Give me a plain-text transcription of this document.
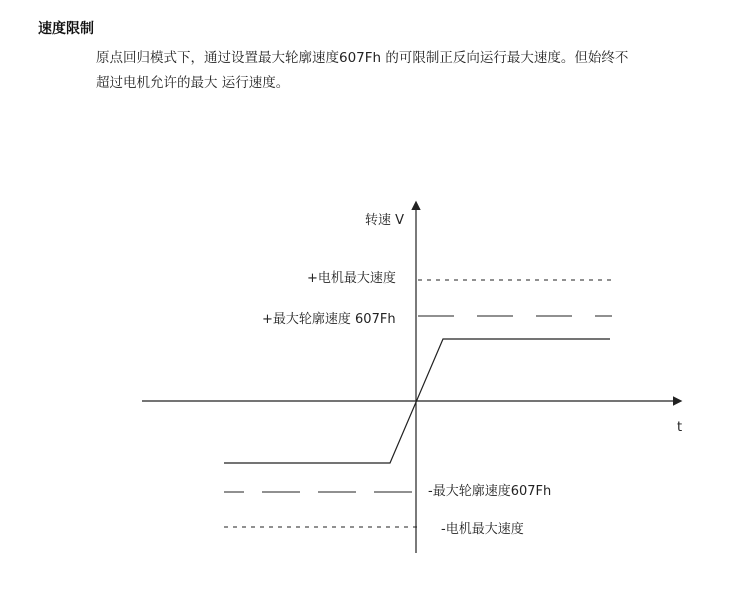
速度限制

原点回归模式下，通过设置最大轮廓速度607Fh 的可限制正反向运行最大速度。但始终不

超过电机允许的最大 运行速度。

转速 V
t
+电机最大速度
+最大轮廓速度 607Fh
-最大轮廓速度607Fh
-电机最大速度
